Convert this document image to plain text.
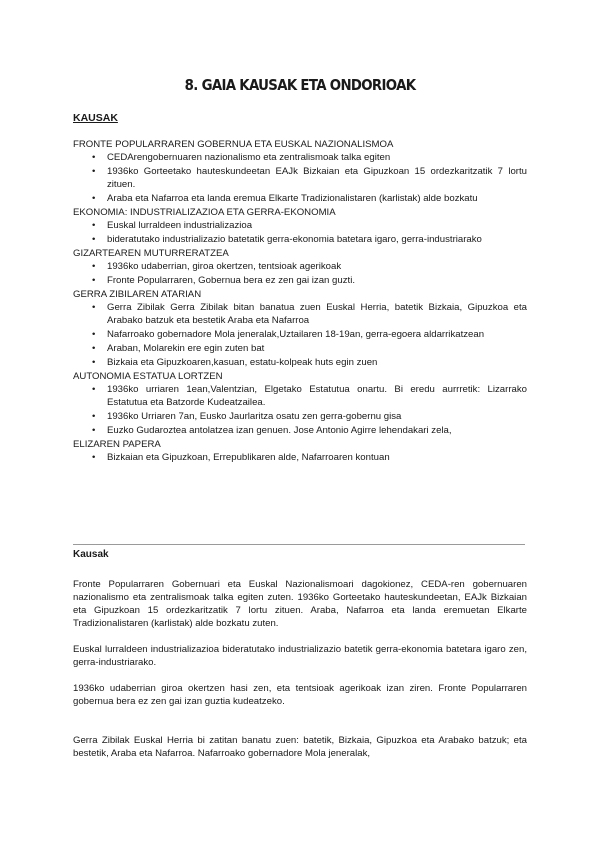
8. GAIA KAUSAK ETA ONDORIOAK
KAUSAK

FRONTE POPULARRAREN GOBERNUA ETA EUSKAL NAZIONALISMOA

• CEDArengobernuaren nazionalismo eta zentralismoak talka egiten
• 1936ko Gorteetako hauteskundeetan EAJk Bizkaian eta Gipuzkoan 15 ordezkaritzatik 7 lortu zituen.
• Araba eta Nafarroa eta landa eremua Elkarte Tradizionalistaren (karlistak) alde bozkatu

EKONOMIA: INDUSTRIALIZAZIOA ETA GERRA-EKONOMIA

• Euskal lurraldeen industrializazioa
• bideratutako industrializazio batetatik gerra-ekonomia batetara igaro, gerra-industriarako

GIZARTEAREN MUTURRERATZEA

• 1936ko udaberrian, giroa okertzen, tentsioak agerikoak
• Fronte Popularraren, Gobernua bera ez zen gai izan guzti.

GERRA ZIBILAREN ATARIAN

• Gerra Zibilak Gerra Zibilak bitan banatua zuen Euskal Herria, batetik Bizkaia, Gipuzkoa eta Arabako batzuk eta bestetik Araba eta Nafarroa
• Nafarroako gobernadore Mola jeneralak,Uztailaren 18-19an, gerra-egoera aldarrikatzean
• Araban, Molarekin ere egin zuten bat
• Bizkaia eta Gipuzkoaren,kasuan, estatu-kolpeak huts egin zuen

AUTONOMIA ESTATUA LORTZEN

• 1936ko urriaren 1ean,Valentzian, Elgetako Estatutua onartu. Bi eredu aurrretik: Lizarrako Estatutua eta Batzorde Kudeatzailea.
• 1936ko Urriaren 7an, Eusko Jaurlaritza osatu zen gerra-gobernu gisa
• Euzko Gudaroztea antolatzea izan genuen. Jose Antonio Agirre lehendakari zela,

ELIZAREN PAPERA

• Bizkaian eta Gipuzkoan, Errepublikaren alde, Nafarroaren kontuan
Kausak

Fronte Popularraren Gobernuari eta Euskal Nazionalismoari dagokionez, CEDA-ren gobernuaren nazionalismo eta zentralismoak talka egiten zuten. 1936ko Gorteetako hauteskundeetan, EAJk Bizkaian eta Gipuzkoan 15 ordezkaritzatik 7 lortu zituen. Araba, Nafarroa eta landa eremuetan Elkarte Tradizionalistaren (karlistak) alde bozkatu zuten.

Euskal lurraldeen industrializazioa bideratutako industrializazio batetik gerra-ekonomia batetara igaro zen, gerra-industriarako.

1936ko udaberrian giroa okertzen hasi zen, eta tentsioak agerikoak izan ziren. Fronte Popularraren gobernua bera ez zen gai izan guztia kudeatzeko.

Gerra Zibilak Euskal Herria bi zatitan banatu zuen: batetik, Bizkaia, Gipuzkoa eta Arabako batzuk; eta bestetik, Araba eta Nafarroa. Nafarroako gobernadore Mola jeneralak,
